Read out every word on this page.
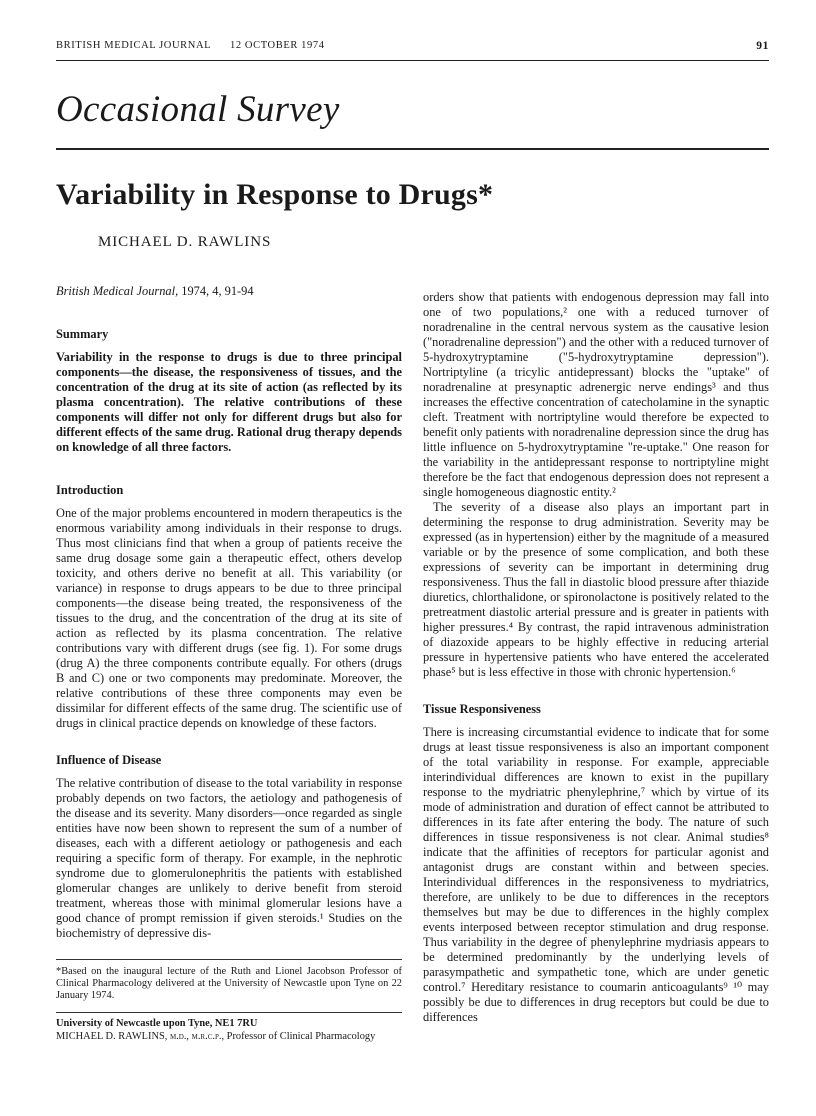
BRITISH MEDICAL JOURNAL 12 OCTOBER 1974	91
Occasional Survey
Variability in Response to Drugs*
MICHAEL D. RAWLINS

British Medical Journal, 1974, 4, 91-94

Summary

Variability in the response to drugs is due to three principal components—the disease, the responsiveness of tissues, and the concentration of the drug at its site of action (as reflected by its plasma concentration). The relative contributions of these components will differ not only for different drugs but also for different effects of the same drug. Rational drug therapy depends on knowledge of all three factors.

Introduction

One of the major problems encountered in modern therapeutics is the enormous variability among individuals in their response to drugs. Thus most clinicians find that when a group of patients receive the same drug dosage some gain a therapeutic effect, others develop toxicity, and others derive no benefit at all. This variability (or variance) in response to drugs appears to be due to three principal components—the disease being treated, the responsiveness of the tissues to the drug, and the concentration of the drug at its site of action as reflected by its plasma concentration. The relative contributions vary with different drugs (see fig. 1). For some drugs (drug A) the three components contribute equally. For others (drugs B and C) one or two components may predominate. Moreover, the relative contributions of these three components may even be dissimilar for different effects of the same drug. The scientific use of drugs in clinical practice depends on knowledge of these factors.

Influence of Disease

The relative contribution of disease to the total variability in response probably depends on two factors, the aetiology and pathogenesis of the disease and its severity. Many disorders—once regarded as single entities have now been shown to represent the sum of a number of diseases, each with a different aetiology or pathogenesis and each requiring a specific form of therapy. For example, in the nephrotic syndrome due to glomerulonephritis the patients with established glomerular changes are unlikely to derive benefit from steroid treatment, whereas those with minimal glomerular lesions have a good chance of prompt remission if given steroids.¹ Studies on the biochemistry of depressive dis-

*Based on the inaugural lecture of the Ruth and Lionel Jacobson Professor of Clinical Pharmacology delivered at the University of Newcastle upon Tyne on 22 January 1974.

University of Newcastle upon Tyne, NE1 7RU

MICHAEL D. RAWLINS, m.d., m.r.c.p., Professor of Clinical Pharmacology

orders show that patients with endogenous depression may fall into one of two populations,² one with a reduced turnover of noradrenaline in the central nervous system as the causative lesion ("noradrenaline depression") and the other with a reduced turnover of 5-hydroxytryptamine ("5-hydroxytryptamine depression"). Nortriptyline (a tricylic antidepressant) blocks the "uptake" of noradrenaline at presynaptic adrenergic nerve endings³ and thus increases the effective concentration of catecholamine in the synaptic cleft. Treatment with nortriptyline would therefore be expected to benefit only patients with noradrenaline depression since the drug has little influence on 5-hydroxytryptamine "re-uptake." One reason for the variability in the antidepressant response to nortriptyline might therefore be the fact that endogenous depression does not represent a single homogeneous diagnostic entity.²

The severity of a disease also plays an important part in determining the response to drug administration. Severity may be expressed (as in hypertension) either by the magnitude of a measured variable or by the presence of some complication, and both these expressions of severity can be important in determining drug responsiveness. Thus the fall in diastolic blood pressure after thiazide diuretics, chlorthalidone, or spironolactone is positively related to the pretreatment diastolic arterial pressure and is greater in patients with higher pressures.⁴ By contrast, the rapid intravenous administration of diazoxide appears to be highly effective in reducing arterial pressure in hypertensive patients who have entered the accelerated phase⁵ but is less effective in those with chronic hypertension.⁶

Tissue Responsiveness

There is increasing circumstantial evidence to indicate that for some drugs at least tissue responsiveness is also an important component of the total variability in response. For example, appreciable interindividual differences are known to exist in the pupillary response to the mydriatric phenylephrine,⁷ which by virtue of its mode of administration and duration of effect cannot be attributed to differences in its fate after entering the body. The nature of such differences in tissue responsiveness is not clear. Animal studies⁸ indicate that the affinities of receptors for particular agonist and antagonist drugs are constant within and between species. Interindividual differences in the responsiveness to mydriatrics, therefore, are unlikely to be due to differences in the receptors themselves but may be due to differences in the highly complex events interposed between receptor stimulation and drug response. Thus variability in the degree of phenylephrine mydriasis appears to be determined predominantly by the underlying levels of parasympathetic and sympathetic tone, which are under genetic control.⁷ Hereditary resistance to coumarin anticoagulants⁹ ¹⁰ may possibly be due to differences in drug receptors but could be due to differences
